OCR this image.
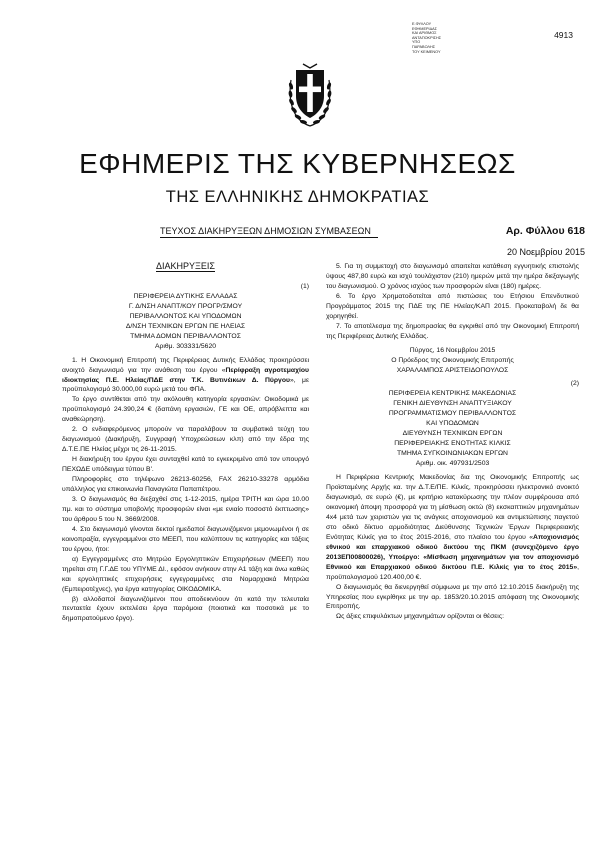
4913
Ε.ΦΥΛΛΟΥ
ΕΦΗΜΕΡΙΔΑΣ
ΚΑΙ ΑΡΙΘΜΟΣ
ΑΝΤΑΠΟΚΡΙΣΗΣ
ΥΠΟ
ΠΑΡΑΒΟΛΗΣ
ΤΟΥ ΚΕΙΜΕΝΟΥ
ΕΦΗΜΕΡΙΣ ΤΗΣ ΚΥΒΕΡΝΗΣΕΩΣ
ΤΗΣ ΕΛΛΗΝΙΚΗΣ ΔΗΜΟΚΡΑΤΙΑΣ
ΤΕΥΧΟΣ ΔΙΑΚΗΡΥΞΕΩΝ ΔΗΜΟΣΙΩΝ ΣΥΜΒΑΣΕΩΝ	Αρ. Φύλλου 618
20 Νοεμβρίου 2015
ΔΙΑΚΗΡΥΞΕΙΣ
(1)
ΠΕΡΙΦΕΡΕΙΑ ΔΥΤΙΚΗΣ ΕΛΛΑΔΑΣ
Γ. Δ/ΝΣΗ ΑΝΑΠΤ/ΚΟΥ ΠΡΟΓΡ/ΣΜΟΥ
ΠΕΡΙΒΑΛΛΟΝΤΟΣ ΚΑΙ ΥΠΟΔΟΜΩΝ
Δ/ΝΣΗ ΤΕΧΝΙΚΩΝ ΕΡΓΩΝ ΠΕ ΗΛΕΙΑΣ
ΤΜΗΜΑ ΔΟΜΩΝ ΠΕΡΙΒΑΛΛΟΝΤΟΣ
Αριθμ. 303331/5620

1. Η Οικονομική Επιτροπή της Περιφέρειας Δυτικής Ελλάδας προκηρύσσει ανοιχτό διαγωνισμό για την ανάθεση του έργου «Περίφραξη αγροτεμαχίου ιδιοκτησίας Π.Ε. Ηλείας/ΠΔΕ στην Τ.Κ. Βυτινέικων Δ. Πύργου», με προϋπολογισμό 30.000,00 ευρώ μετά του ΦΠΑ.

Το έργο συντίθεται από την ακόλουθη κατηγορία εργασιών: Οικοδομικά με προϋπολογισμό 24.390,24 € (δαπάνη εργασιών, ΓΕ και ΟΕ, απρόβλεπτα και αναθεώρηση).

2. Ο ενδιαφερόμενος μπορούν να παραλάβουν τα συμβατικά τεύχη του διαγωνισμού (Διακήρυξη, Συγγραφή Υποχρεώσεων κλπ) από την έδρα της Δ.Τ.Ε.ΠΕ Ηλείας μέχρι τις 26-11-2015.

Η διακήρυξη του έργου έχει συνταχθεί κατά το εγκεκριμένο από τον υπουργό ΠΕΧΩΔΕ υπόδειγμα τύπου Β'.

Πληροφορίες στο τηλέφωνο 26213-60256, FAX 26210-33278 αρμόδια υπάλληλος για επικοινωνία Παναγιώτα Παπαπέτρου.

3. Ο διαγωνισμός θα διεξαχθεί στις 1-12-2015, ημέρα ΤΡΙΤΗ και ώρα 10.00 πμ. και το σύστημα υποβολής προσφορών είναι «με ενιαίο ποσοστό έκπτωσης» του άρθρου 5 του Ν. 3669/2008.

4. Στο διαγωνισμό γίνονται δεκτοί ημεδαποί διαγωνιζόμενοι μεμονωμένοι ή σε κοινοπραξία, εγγεγραμμένοι στο ΜΕΕΠ, που καλύπτουν τις κατηγορίες και τάξεις του έργου, ήτοι:

α) Εγγεγραμμένες στο Μητρώο Εργοληπτικών Επιχειρήσεων (ΜΕΕΠ) που τηρείται στη Γ.Γ.ΔΕ του ΥΠΥΜΕ ΔΙ., εφόσον ανήκουν στην Α1 τάξη και άνω καθώς και εργοληπτικές επιχειρήσεις εγγεγραμμένες στα Νομαρχιακά Μητρώα (Εμπειροτέχνες), για έργα κατηγορίας ΟΙΚΟΔΟΜΙΚΑ.

β) αλλοδαποί διαγωνιζόμενοι που αποδεικνύουν ότι κατά την τελευταία πενταετία έχουν εκτελέσει έργα παρόμοια (ποιοτικά και ποσοτικά με το δημοπρατούμενο έργο).

5. Για τη συμμετοχή στο διαγωνισμό απαιτείται κατάθεση εγγυητικής επιστολής ύψους 487,80 ευρώ και ισχύ τουλάχιστον (210) ημερών μετά την ημέρα διεξαγωγής του διαγωνισμού. Ο χρόνος ισχύος των προσφορών είναι (180) ημέρες.

6. Το έργο Χρηματοδοτείται από πιστώσεις του Ετήσιου Επενδυτικού Προγράμματος 2015 της ΠΔΕ της ΠΕ Ηλείας/ΚΑΠ 2015. Προκαταβολή δε θα χορηγηθεί.

7. Το αποτέλεσμα της δημοπρασίας θα εγκριθεί από την Οικονομική Επιτροπή της Περιφέρειας Δυτικής Ελλάδας.

Πύργος, 16 Νοεμβρίου 2015
Ο Πρόεδρος της Οικονομικής Επιτροπής
ΧΑΡΑΛΑΜΠΟΣ ΑΡΙΣΤΕΙΔΟΠΟΥΛΟΣ
(2)
ΠΕΡΙΦΕΡΕΙΑ ΚΕΝΤΡΙΚΗΣ ΜΑΚΕΔΟΝΙΑΣ
ΓΕΝΙΚΗ ΔΙΕΥΘΥΝΣΗ ΑΝΑΠΤΥΞΙΑΚΟΥ
ΠΡΟΓΡΑΜΜΑΤΙΣΜΟΥ ΠΕΡΙΒΑΛΛΟΝΤΟΣ
ΚΑΙ ΥΠΟΔΟΜΩΝ
ΔΙΕΥΘΥΝΣΗ ΤΕΧΝΙΚΩΝ ΕΡΓΩΝ
ΠΕΡΙΦΕΡΕΙΑΚΗΣ ΕΝΟΤΗΤΑΣ ΚΙΛΚΙΣ
ΤΜΗΜΑ ΣΥΓΚΟΙΝΩΝΙΑΚΩΝ ΕΡΓΩΝ
Αριθμ. οικ. 497931/2503

Η Περιφέρεια Κεντρικής Μακεδονίας δια της Οικονομικής Επιτροπής ως Προϊσταμένης Αρχής κα. την Δ.Τ.Ε/ΠΕ. Κιλκίς, προκηρύσσει ηλεκτρονικό ανοικτό διαγωνισμό, σε ευρώ (€), με κριτήριο κατακύρωσης την πλέον συμφέρουσα από οικονομική άποψη προσφορά για τη μίσθωση οκτώ (8) εκσκαπτικών μηχανημάτων 4x4 μετά των χειριστών για τις ανάγκες αποχιονισμού και αντιμετώπισης παγετού στο οδικό δίκτυο αρμοδιότητας Διεύθυνσης Τεχνικών Έργων Περιφερειακής Ενότητας Κιλκίς για το έτος 2015-2016, στο πλαίσιο του έργου «Αποχιονισμός εθνικού και επαρχιακού οδικού δικτύου της ΠΚΜ (συνεχιζόμενο έργο 2013ΕΠ00800026), Υποέργο: «Μίσθωση μηχανημάτων για τον αποχιονισμό Εθνικού και Επαρχιακού οδικού δικτύου Π.Ε. Κιλκίς για το έτος 2015», προϋπολογισμού 120.400,00 €.

Ο διαγωνισμός θα διενεργηθεί σύμφωνα με την από 12.10.2015 διακήρυξη της Υπηρεσίας που εγκρίθηκε με την αρ. 1853/20.10.2015 απόφαση της Οικονομικής Επιτροπής.

Ως άξιες επιφυλάκτων μηχανημάτων ορίζονται οι θέσεις:
